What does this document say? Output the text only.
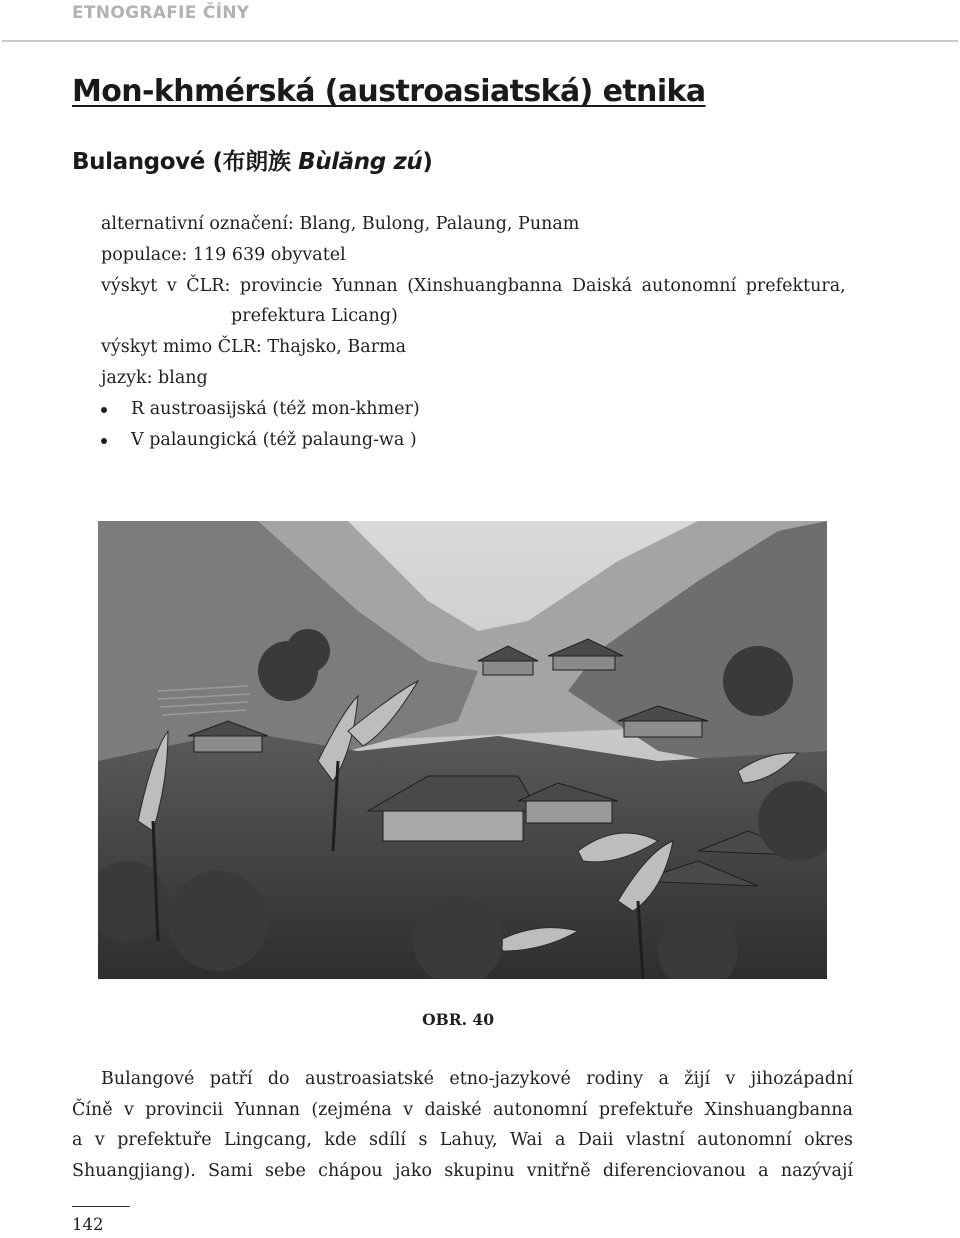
ETNOGRAFIE ČÍNY
Mon-khmérská (austroasiatská) etnika
Bulangové (布朗族 Bùlăng zú)
alternativní označení: Blang, Bulong, Palaung, Punam
populace: 119 639 obyvatel
výskyt v ČLR: provincie Yunnan (Xinshuangbanna Daiská autonomní prefektura,
prefektura Licang)
výskyt mimo ČLR: Thajsko, Barma
jazyk: blang
R austroasijská (též mon-khmer)
V palaungická (též palaung-wa )
OBR. 40
Bulangové patří do austroasiatské etno-jazykové rodiny a žijí v jihozápadní
Číně v provincii Yunnan (zejména v daiské autonomní prefektuře Xinshuangbanna
a v prefektuře Lingcang, kde sdílí s Lahuy, Wai a Daii vlastní autonomní okres
Shuangjiang). Sami sebe chápou jako skupinu vnitřně diferenciovanou a nazývají
142
